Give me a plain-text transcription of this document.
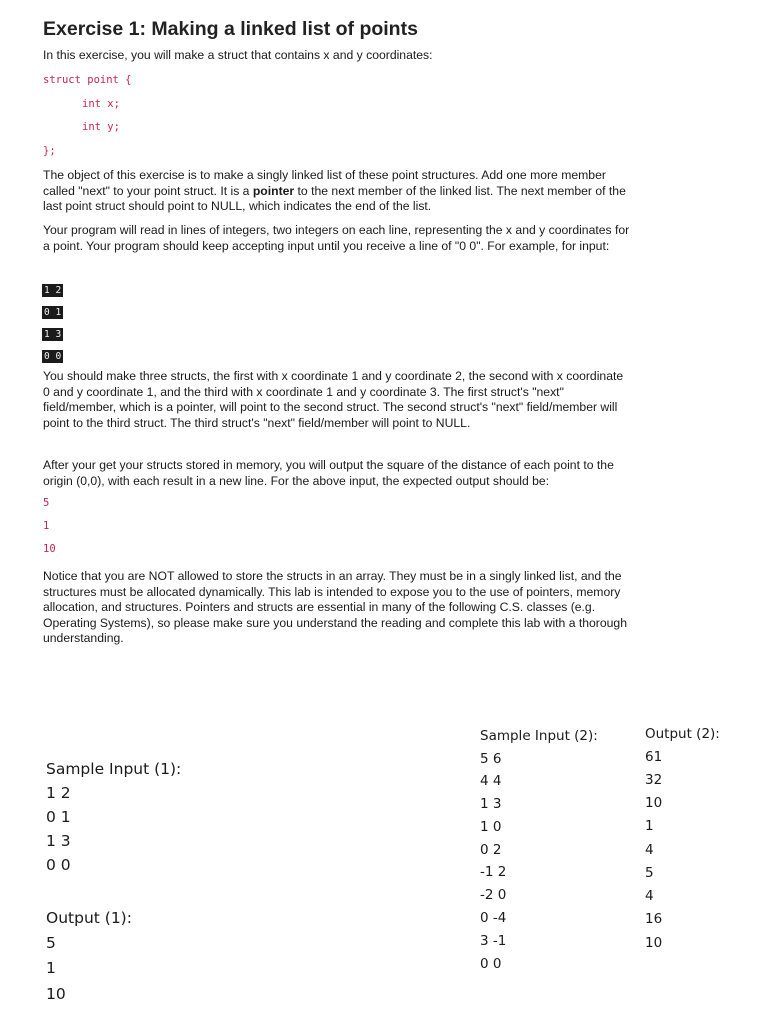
Exercise 1: Making a linked list of points
In this exercise, you will make a struct that contains x and y coordinates:
struct point {
int x;
int y;
};
The object of this exercise is to make a singly linked list of these point structures. Add one more member called "next" to your point struct. It is a pointer to the next member of the linked list. The next member of the last point struct should point to NULL, which indicates the end of the list.
Your program will read in lines of integers, two integers on each line, representing the x and y coordinates for a point. Your program should keep accepting input until you receive a line of "0 0". For example, for input:
1 2
0 1
1 3
0 0
You should make three structs, the first with x coordinate 1 and y coordinate 2, the second with x coordinate 0 and y coordinate 1, and the third with x coordinate 1 and y coordinate 3. The first struct's "next" field/member, which is a pointer, will point to the second struct. The second struct's "next" field/member will point to the third struct. The third struct's "next" field/member will point to NULL.
After your get your structs stored in memory, you will output the square of the distance of each point to the origin (0,0), with each result in a new line. For the above input, the expected output should be:
5
1
10
Notice that you are NOT allowed to store the structs in an array. They must be in a singly linked list, and the structures must be allocated dynamically. This lab is intended to expose you to the use of pointers, memory allocation, and structures. Pointers and structs are essential in many of the following C.S. classes (e.g. Operating Systems), so please make sure you understand the reading and complete this lab with a thorough understanding.
Sample Input (1):
1 2
0 1
1 3
0 0
Output (1):
5
1
10
Sample Input (2):
5 6
4 4
1 3
1 0
0 2
-1 2
-2 0
0 -4
3 -1
0 0
Output (2):
61
32
10
1
4
5
4
16
10
